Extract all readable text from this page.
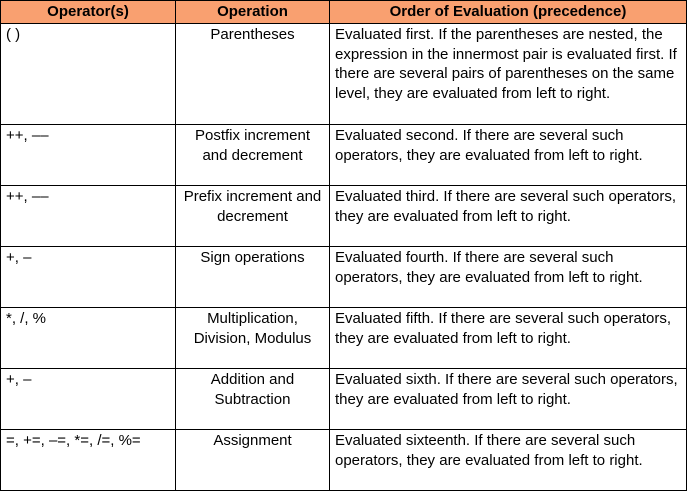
Operator(s)	Operation	Order of Evaluation (precedence)
( )	Parentheses	Evaluated first. If the parentheses are nested, the expression in the innermost pair is evaluated first. If there are several pairs of parentheses on the same level, they are evaluated from left to right.
++, ––	Postfix increment and decrement	Evaluated second. If there are several such operators, they are evaluated from left to right.
++, ––	Prefix increment and decrement	Evaluated third. If there are several such operators, they are evaluated from left to right.
+, –	Sign operations	Evaluated fourth. If there are several such operators, they are evaluated from left to right.
*, /, %	Multiplication, Division, Modulus	Evaluated fifth. If there are several such operators, they are evaluated from left to right.
+, –	Addition and Subtraction	Evaluated sixth. If there are several such operators, they are evaluated from left to right.
=, +=, –=, *=, /=, %=	Assignment	Evaluated sixteenth. If there are several such operators, they are evaluated from left to right.
